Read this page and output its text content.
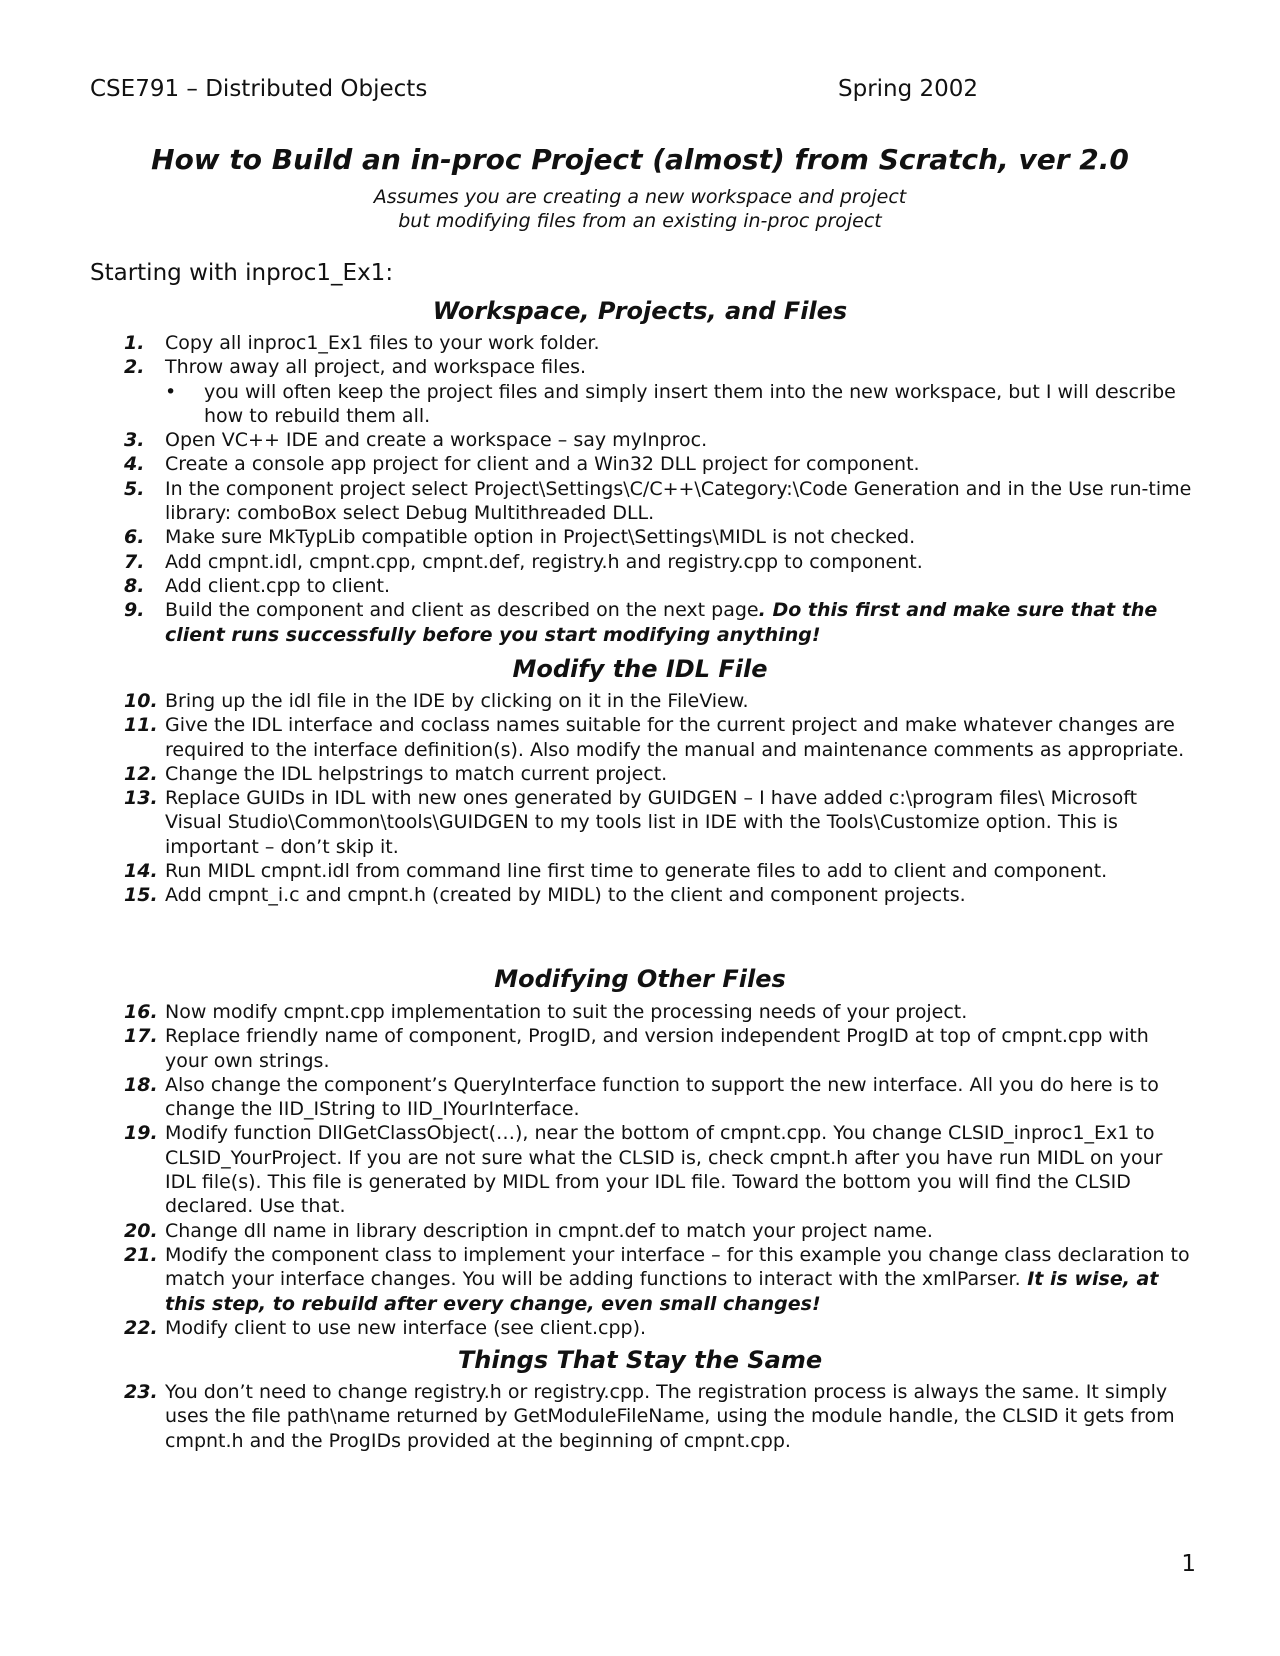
CSE791 – Distributed Objects	Spring 2002
How to Build an in-proc Project (almost) from Scratch, ver 2.0
Assumes you are creating a new workspace and project
but modifying files from an existing in-proc project
Starting with inproc1_Ex1:
Workspace, Projects, and Files
1. Copy all inproc1_Ex1 files to your work folder.
2. Throw away all project, and workspace files.
• you will often keep the project files and simply insert them into the new workspace, but I will describe how to rebuild them all.
3. Open VC++ IDE and create a workspace – say myInproc.
4. Create a console app project for client and a Win32 DLL project for component.
5. In the component project select Project\Settings\C/C++\Category:\Code Generation and in the Use run-time library: comboBox select Debug Multithreaded DLL.
6. Make sure MkTypLib compatible option in Project\Settings\MIDL is not checked.
7. Add cmpnt.idl, cmpnt.cpp, cmpnt.def, registry.h and registry.cpp to component.
8. Add client.cpp to client.
9. Build the component and client as described on the next page. Do this first and make sure that the client runs successfully before you start modifying anything!
Modify the IDL File
10. Bring up the idl file in the IDE by clicking on it in the FileView.
11. Give the IDL interface and coclass names suitable for the current project and make whatever changes are required to the interface definition(s). Also modify the manual and maintenance comments as appropriate.
12. Change the IDL helpstrings to match current project.
13. Replace GUIDs in IDL with new ones generated by GUIDGEN – I have added c:\program files\ Microsoft Visual Studio\Common\tools\GUIDGEN to my tools list in IDE with the Tools\Customize option. This is important – don’t skip it.
14. Run MIDL cmpnt.idl from command line first time to generate files to add to client and component.
15. Add cmpnt_i.c and cmpnt.h (created by MIDL) to the client and component projects.
Modifying Other Files
16. Now modify cmpnt.cpp implementation to suit the processing needs of your project.
17. Replace friendly name of component, ProgID, and version independent ProgID at top of cmpnt.cpp with your own strings.
18. Also change the component’s QueryInterface function to support the new interface. All you do here is to change the IID_IString to IID_IYourInterface.
19. Modify function DllGetClassObject(…), near the bottom of cmpnt.cpp. You change CLSID_inproc1_Ex1 to CLSID_YourProject. If you are not sure what the CLSID is, check cmpnt.h after you have run MIDL on your IDL file(s). This file is generated by MIDL from your IDL file. Toward the bottom you will find the CLSID declared. Use that.
20. Change dll name in library description in cmpnt.def to match your project name.
21. Modify the component class to implement your interface – for this example you change class declaration to match your interface changes. You will be adding functions to interact with the xmlParser. It is wise, at this step, to rebuild after every change, even small changes!
22. Modify client to use new interface (see client.cpp).
Things That Stay the Same
23. You don’t need to change registry.h or registry.cpp. The registration process is always the same. It simply uses the file path\name returned by GetModuleFileName, using the module handle, the CLSID it gets from cmpnt.h and the ProgIDs provided at the beginning of cmpnt.cpp.
1
